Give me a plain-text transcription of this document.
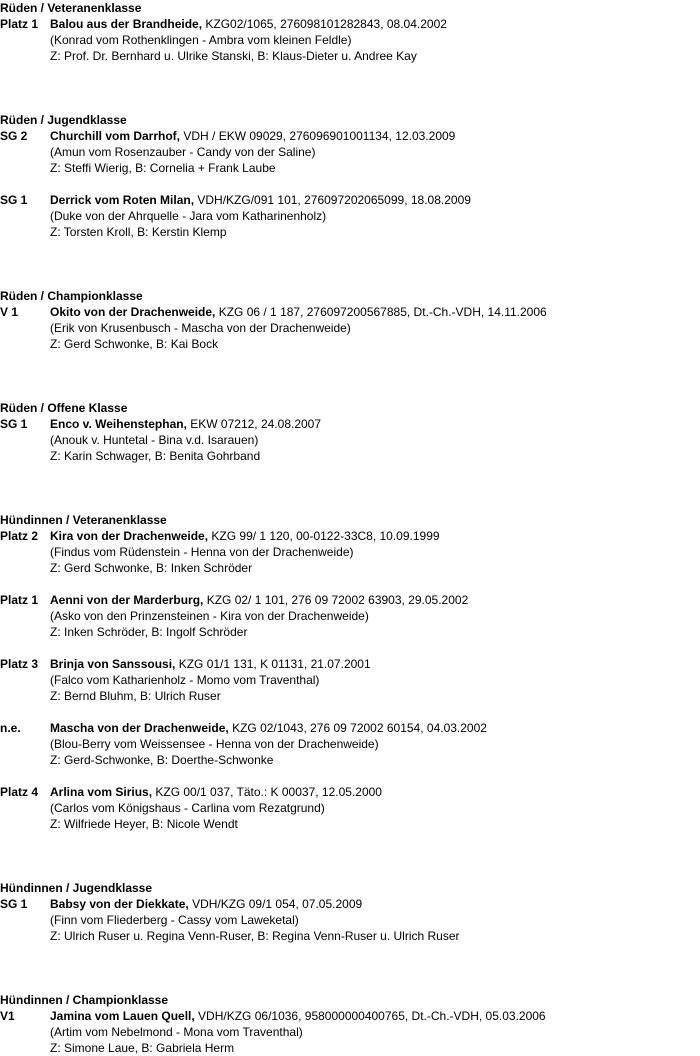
Rüden / Veteranenklasse
Platz 1 Balou aus der Brandheide, KZG02/1065, 276098101282843, 08.04.2002
(Konrad vom Rothenklingen - Ambra vom kleinen Feldle)
Z: Prof. Dr. Bernhard u. Ulrike Stanski, B: Klaus-Dieter u. Andree Kay
Rüden / Jugendklasse
SG 2 Churchill vom Darrhof, VDH / EKW 09029, 276096901001134, 12.03.2009
(Amun vom Rosenzauber - Candy von der Saline)
Z: Steffi Wierig, B: Cornelia + Frank Laube
SG 1 Derrick vom Roten Milan, VDH/KZG/091 101, 276097202065099, 18.08.2009
(Duke von der Ahrquelle - Jara vom Katharinenholz)
Z: Torsten Kroll, B: Kerstin Klemp
Rüden / Championklasse
V 1	Okito von der Drachenweide, KZG 06 / 1 187, 276097200567885, Dt.-Ch.-VDH, 14.11.2006
(Erik von Krusenbusch - Mascha von der Drachenweide)
Z: Gerd Schwonke, B: Kai Bock
Rüden / Offene Klasse
SG 1 Enco v. Weihenstephan, EKW 07212, 24.08.2007
(Anouk v. Huntetal - Bina v.d. Isarauen)
Z: Karin Schwager, B: Benita Gohrband
Hündinnen / Veteranenklasse
Platz 2 Kira von der Drachenweide, KZG 99/ 1 120, 00-0122-33C8, 10.09.1999
(Findus vom Rüdenstein - Henna von der Drachenweide)
Z: Gerd Schwonke, B: Inken Schröder
Platz 1 Aenni von der Marderburg, KZG 02/ 1 101, 276 09 72002 63903, 29.05.2002
(Asko von den Prinzensteinen - Kira von der Drachenweide)
Z: Inken Schröder, B: Ingolf Schröder
Platz 3 Brinja von Sanssousi, KZG 01/1 131, K 01131, 21.07.2001
(Falco vom Katharienholz - Momo vom Traventhal)
Z: Bernd Bluhm, B: Ulrich Ruser
n.e. Mascha von der Drachenweide, KZG 02/1043, 276 09 72002 60154, 04.03.2002
(Blou-Berry vom Weissensee - Henna von der Drachenweide)
Z: Gerd-Schwonke, B: Doerthe-Schwonke
Platz 4 Arlina vom Sirius, KZG 00/1 037, Täto.: K 00037, 12.05.2000
(Carlos vom Königshaus - Carlina vom Rezatgrund)
Z: Wilfriede Heyer, B: Nicole Wendt
Hündinnen / Jugendklasse
SG 1 Babsy von der Diekkate, VDH/KZG 09/1 054, 07.05.2009
(Finn vom Fliederberg - Cassy vom Laweketal)
Z: Ulrich Ruser u. Regina Venn-Ruser, B: Regina Venn-Ruser u. Ulrich Ruser
Hündinnen / Championklasse
V1	Jamina vom Lauen Quell, VDH/KZG 06/1036, 958000000400765, Dt.-Ch.-VDH, 05.03.2006
(Artim vom Nebelmond - Mona vom Traventhal)
Z: Simone Laue, B: Gabriela Herm
